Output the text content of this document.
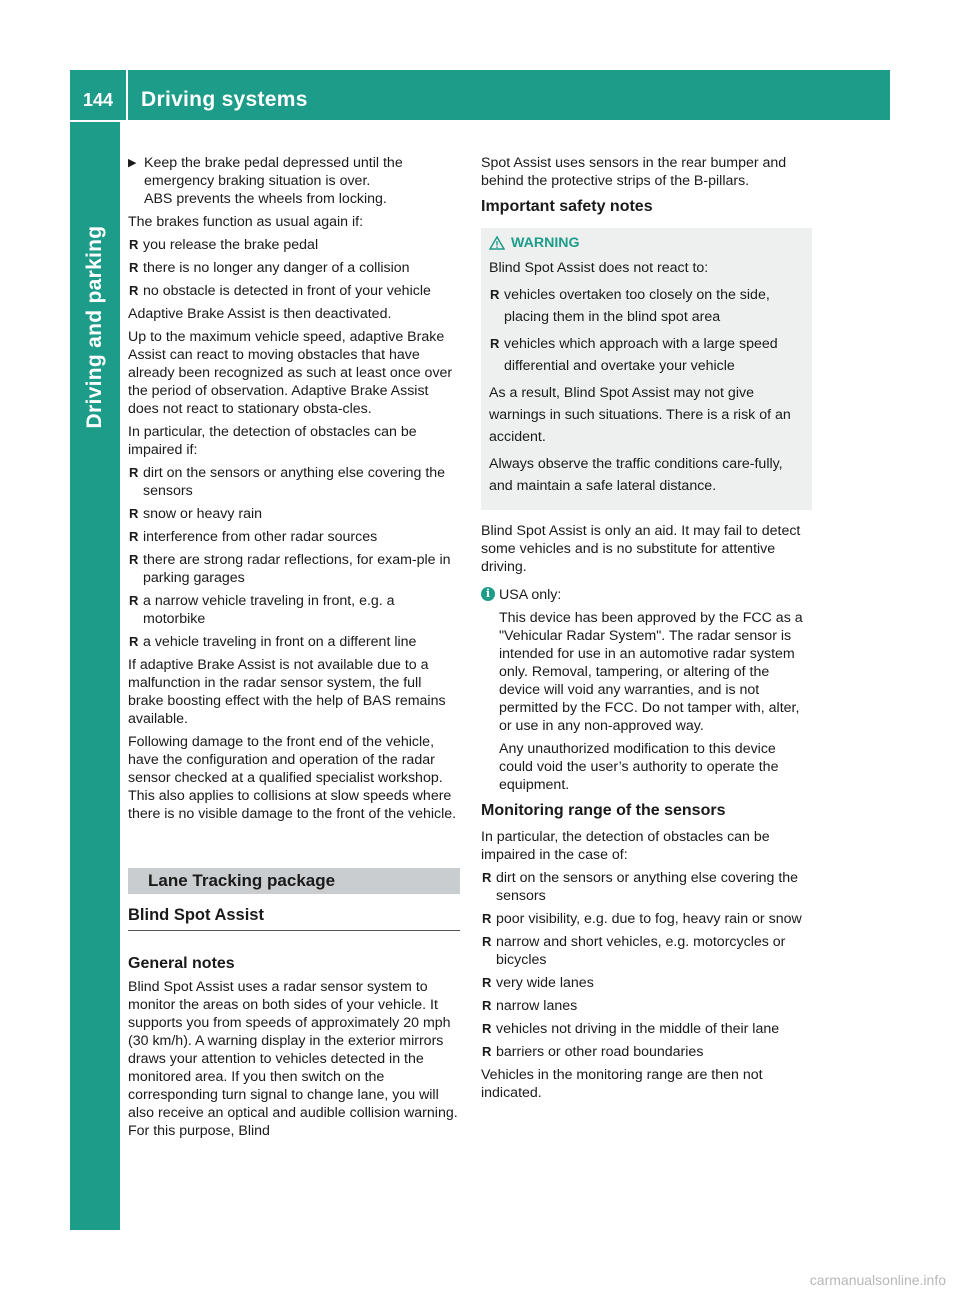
144	Driving systems
Driving and parking
▶ Keep the brake pedal depressed until the emergency braking situation is over.
ABS prevents the wheels from locking.

The brakes function as usual again if:

R you release the brake pedal
R there is no longer any danger of a collision
R no obstacle is detected in front of your vehicle

Adaptive Brake Assist is then deactivated.

Up to the maximum vehicle speed, adaptive Brake Assist can react to moving obstacles that have already been recognized as such at least once over the period of observation. Adaptive Brake Assist does not react to stationary obsta-cles.

In particular, the detection of obstacles can be impaired if:

R dirt on the sensors or anything else covering the sensors
R snow or heavy rain
R interference from other radar sources
R there are strong radar reflections, for exam-ple in parking garages
R a narrow vehicle traveling in front, e.g. a motorbike
R a vehicle traveling in front on a different line

If adaptive Brake Assist is not available due to a malfunction in the radar sensor system, the full brake boosting effect with the help of BAS remains available.

Following damage to the front end of the vehicle, have the configuration and operation of the radar sensor checked at a qualified specialist workshop. This also applies to collisions at slow speeds where there is no visible damage to the front of the vehicle.

Lane Tracking package
Blind Spot Assist
General notes

Blind Spot Assist uses a radar sensor system to monitor the areas on both sides of your vehicle. It supports you from speeds of approximately 20 mph (30 km/h). A warning display in the exterior mirrors draws your attention to vehicles detected in the monitored area. If you then switch on the corresponding turn signal to change lane, you will also receive an optical and audible collision warning. For this purpose, Blind

Spot Assist uses sensors in the rear bumper and behind the protective strips of the B-pillars.

Important safety notes
WARNING

Blind Spot Assist does not react to:

R vehicles overtaken too closely on the side, placing them in the blind spot area
R vehicles which approach with a large speed differential and overtake your vehicle

As a result, Blind Spot Assist may not give warnings in such situations. There is a risk of an accident.

Always observe the traffic conditions care-fully, and maintain a safe lateral distance.

Blind Spot Assist is only an aid. It may fail to detect some vehicles and is no substitute for attentive driving.

i USA only:

This device has been approved by the FCC as a "Vehicular Radar System". The radar sensor is intended for use in an automotive radar system only. Removal, tampering, or altering of the device will void any warranties, and is not permitted by the FCC. Do not tamper with, alter, or use in any non-approved way.

Any unauthorized modification to this device could void the user’s authority to operate the equipment.

Monitoring range of the sensors

In particular, the detection of obstacles can be impaired in the case of:

R dirt on the sensors or anything else covering the sensors
R poor visibility, e.g. due to fog, heavy rain or snow
R narrow and short vehicles, e.g. motorcycles or bicycles
R very wide lanes
R narrow lanes
R vehicles not driving in the middle of their lane
R barriers or other road boundaries

Vehicles in the monitoring range are then not indicated.

carmanualsonline.info
